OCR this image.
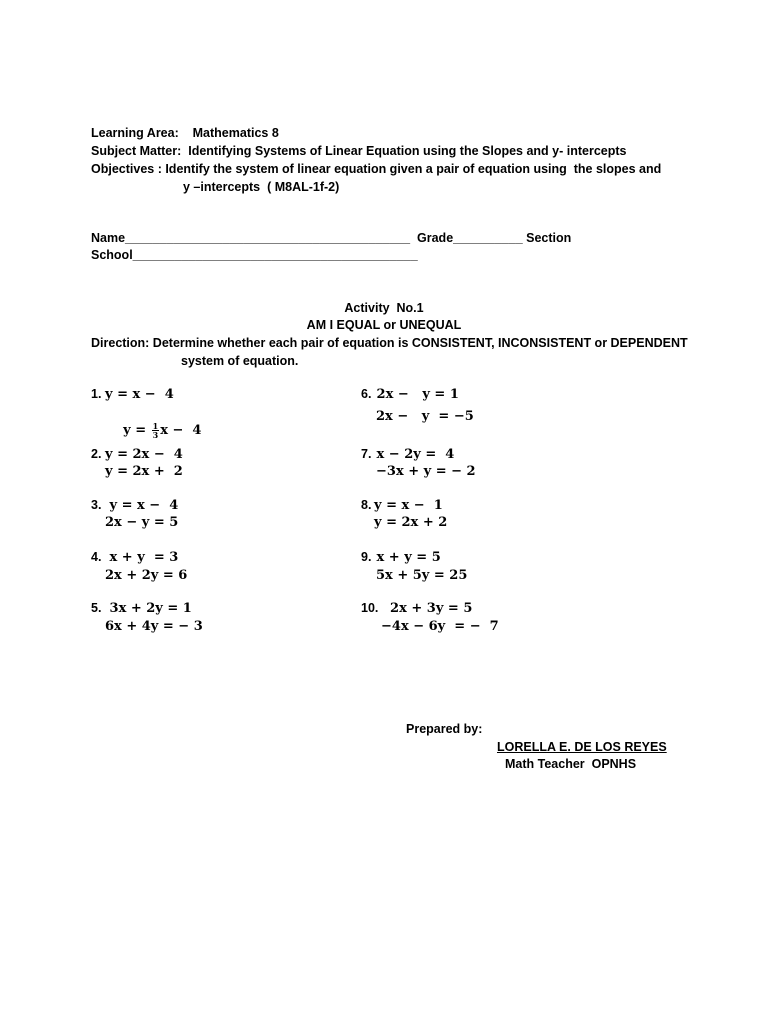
Learning Area:    Mathematics 8
Subject Matter:  Identifying Systems of Linear Equation using the Slopes and y- intercepts
Objectives : Identify the system of linear equation given a pair of equation using  the slopes and
y –intercepts  ( M8AL-1f-2)
Name_________________________________________  Grade__________ Section
School_________________________________________
Activity  No.1
AM I EQUAL or UNEQUAL
Direction: Determine whether each pair of equation is CONSISTENT, INCONSISTENT or DEPENDENT
system of equation.
1. y = x −  4

$y = \frac{1}{3}$ x −  4

2. y = 2x −  4
y = 2x +  2
3. y = x −  4
2x − y = 5
4. x + y  = 3
2x + 2y = 6
5. 3x + 2y = 1
6x + 4y = − 3
6. 2x −   y = 1
2x −   y  = −5
7. x − 2y =  4
−3x + y = − 2
8. y = x −  1
y = 2x + 2
9. x + y = 5
5x + 5y = 25
10. 2x + 3y = 5
−4x − 6y  = −  7
Prepared by:
LORELLA E. DE LOS REYES
Math Teacher  OPNHS
